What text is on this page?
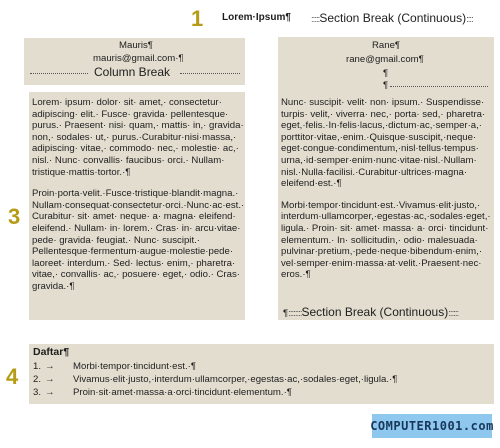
1
3
4
Lorem·Ipsum¶ :::::Section Break (Continuous)::::
Mauris¶
mauris@gmail.com·¶
Column Break
Rane¶
rane@gmail.com¶
¶
¶

Lorem· ipsum· dolor· sit· amet,· consectetur·
adipiscing· elit.· Fusce· gravida· pellentesque·
purus.· Praesent· nisi· quam,· mattis· in,· gravida·
non,· sodales· ut,· purus.·Curabitur·nisi·massa,·
adipiscing· vitae,· commodo· nec,· molestie· ac,·
nisl.· Nunc· convallis· faucibus· orci.· Nullam·
tristique·mattis·tortor.·¶

Proin·porta·velit.·Fusce·tristique·blandit·magna.·
Nullam·consequat·consectetur·orci.·Nunc·ac·est.·
Curabitur· sit· amet· neque· a· magna· eleifend·
eleifend.· Nullam· in· lorem.· Cras· in· arcu·vitae·
pede· gravida· feugiat.· Nunc· suscipit.·
Pellentesque·fermentum·augue·molestie·pede·
laoreet· interdum.· Sed· lectus· enim,· pharetra·
vitae,· convallis· ac,· posuere· eget,· odio.· Cras·
gravida.·¶

Nunc· suscipit· velit· non· ipsum.· Suspendisse·
turpis· velit,· viverra· nec,· porta· sed,· pharetra·
eget,·felis.·In·felis·lacus,·dictum·ac,·semper·a,·
porttitor·vitae,·enim.·Quisque·suscipit,·neque·
eget·congue·condimentum,·nisl·tellus·tempus·
urna,·id·semper·enim·nunc·vitae·nisl.·Nullam·
nisl.·Nulla·facilisi.·Curabitur·ultrices·magna·
eleifend·est.·¶

Morbi·tempor·tincidunt·est.·Vivamus·elit·justo,·
interdum·ullamcorper,·egestas·ac,·sodales·eget,·
ligula.· Proin· sit· amet· massa· a· orci· tincidunt·
elementum.· In· sollicitudin,· odio· malesuada·
pulvinar·pretium,·pede·neque·bibendum·enim,·
vel·semper·enim·massa·at·velit.·Praesent·nec·
eros.·¶

¶::::::::Section Break (Continuous)::::::
Daftar¶
1. → Morbi·tempor·tincidunt·est.·¶
2. → Vivamus·elit·justo,·interdum·ullamcorper,·egestas·ac,·sodales·eget,·ligula.·¶
3. → Proin·sit·amet·massa·a·orci·tincidunt·elementum.·¶
COMPUTER1001.com
